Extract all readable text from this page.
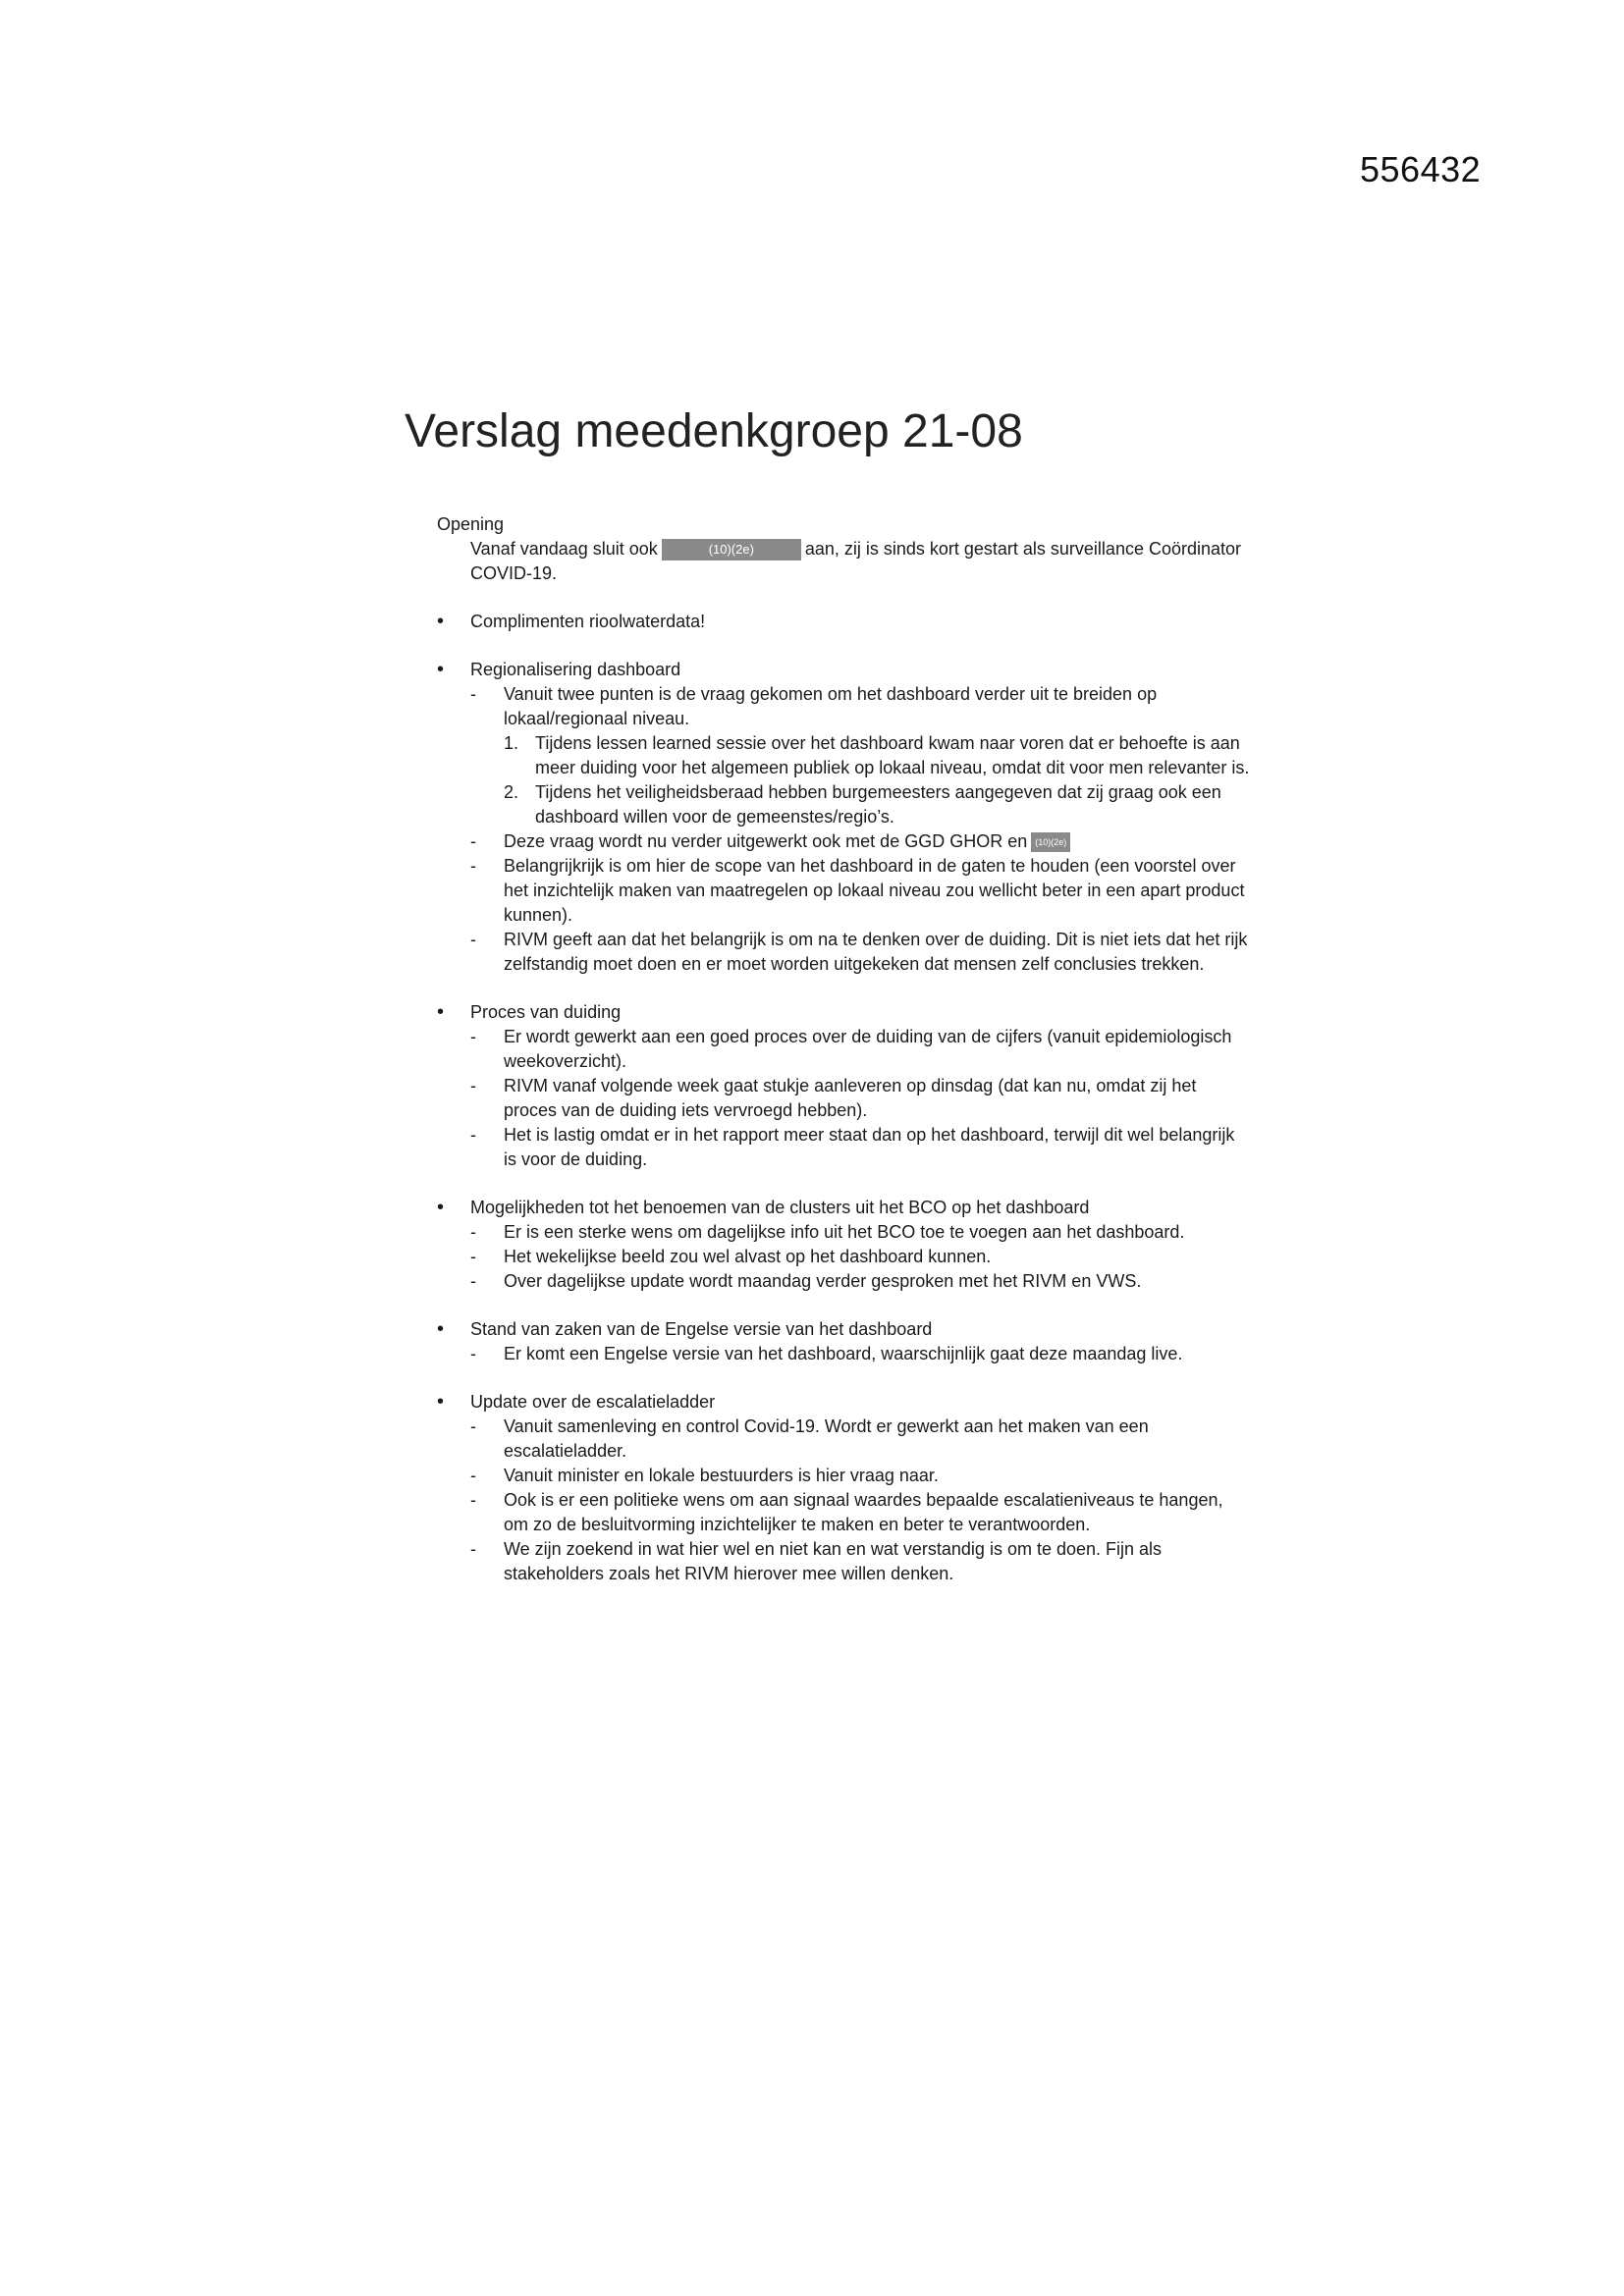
556432
Verslag meedenkgroep 21-08

Opening

Vanaf vandaag sluit ook	(10)(2e)	aan, zij is sinds kort gestart als surveillance Coördinator COVID-19.

• Complimenten rioolwaterdata!
• Regionalisering dashboard
- Vanuit twee punten is de vraag gekomen om het dashboard verder uit te breiden op lokaal/regionaal niveau.
1. Tijdens lessen learned sessie over het dashboard kwam naar voren dat er behoefte is aan meer duiding voor het algemeen publiek op lokaal niveau, omdat dit voor men relevanter is.
2. Tijdens het veiligheidsberaad hebben burgemeesters aangegeven dat zij graag ook een dashboard willen voor de gemeenstes/regio’s.
- Deze vraag wordt nu verder uitgewerkt ook met de GGD GHOR en (10)(2e)
- Belangrijkrijk is om hier de scope van het dashboard in de gaten te houden (een voorstel over het inzichtelijk maken van maatregelen op lokaal niveau zou wellicht beter in een apart product kunnen).
- RIVM geeft aan dat het belangrijk is om na te denken over de duiding. Dit is niet iets dat het rijk zelfstandig moet doen en er moet worden uitgekeken dat mensen zelf conclusies trekken.
• Proces van duiding
- Er wordt gewerkt aan een goed proces over de duiding van de cijfers (vanuit epidemiologisch weekoverzicht).
- RIVM vanaf volgende week gaat stukje aanleveren op dinsdag (dat kan nu, omdat zij het proces van de duiding iets vervroegd hebben).
- Het is lastig omdat er in het rapport meer staat dan op het dashboard, terwijl dit wel belangrijk is voor de duiding.
• Mogelijkheden tot het benoemen van de clusters uit het BCO op het dashboard
- Er is een sterke wens om dagelijkse info uit het BCO toe te voegen aan het dashboard.
- Het wekelijkse beeld zou wel alvast op het dashboard kunnen.
- Over dagelijkse update wordt maandag verder gesproken met het RIVM en VWS.
• Stand van zaken van de Engelse versie van het dashboard
- Er komt een Engelse versie van het dashboard, waarschijnlijk gaat deze maandag live.
• Update over de escalatieladder
- Vanuit samenleving en control Covid-19. Wordt er gewerkt aan het maken van een escalatieladder.
- Vanuit minister en lokale bestuurders is hier vraag naar.
- Ook is er een politieke wens om aan signaal waardes bepaalde escalatieniveaus te hangen, om zo de besluitvorming inzichtelijker te maken en beter te verantwoorden.
- We zijn zoekend in wat hier wel en niet kan en wat verstandig is om te doen. Fijn als stakeholders zoals het RIVM hierover mee willen denken.
